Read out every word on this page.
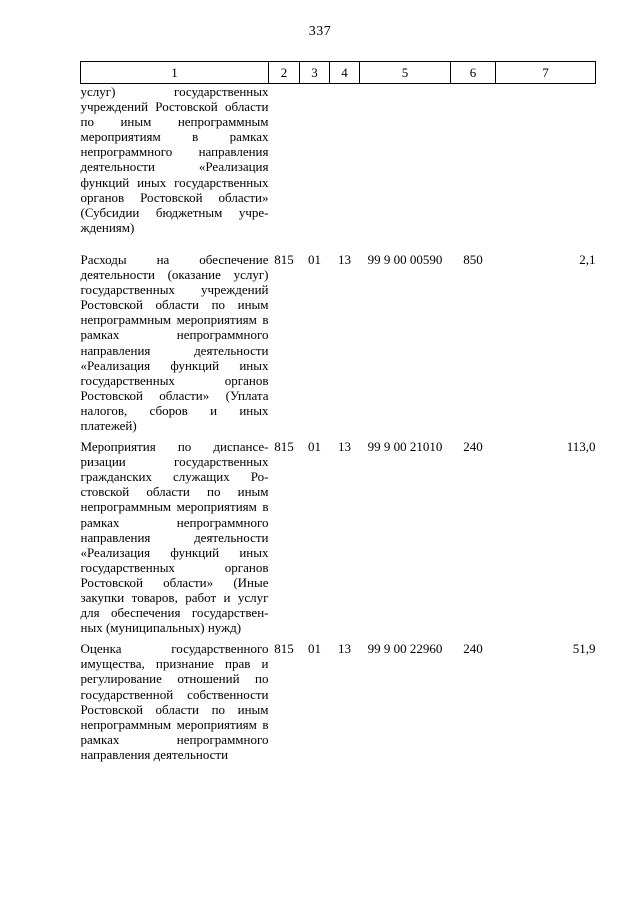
337
1	2	3	4	5	6	7
услуг) государственных учреждений Ростовской области по иным непрограммным мероприятиям в рамках непрограммного направления деятельности «Реализация функций иных государственных органов Ростовской области» (Субсидии бюджетным учреждениям)						

Расходы на обеспечение деятельности (оказание услуг) государственных учреждений Ростовской области по иным непрограммным мероприятиям в рамках непрограммного направления деятельности «Реализация функций иных государственных органов Ростовской области» (Уплата налогов, сборов и иных платежей)	815	01	13	99 9 00 00590	850	2,1
Мероприятия по диспансеризации государственных гражданских служащих Ростовской области по иным непрограммным мероприятиям в рамках непрограммного направления деятельности «Реализация функций иных государственных органов Ростовской области» (Иные закупки товаров, работ и услуг для обеспечения государственных (муниципальных) нужд)	815	01	13	99 9 00 21010	240	113,0
Оценка государственного имущества, признание прав и регулирование отношений по государственной собственности Ростовской области по иным непрограммным мероприятиям в рамках непрограммного направления деятельности	815	01	13	99 9 00 22960	240	51,9
